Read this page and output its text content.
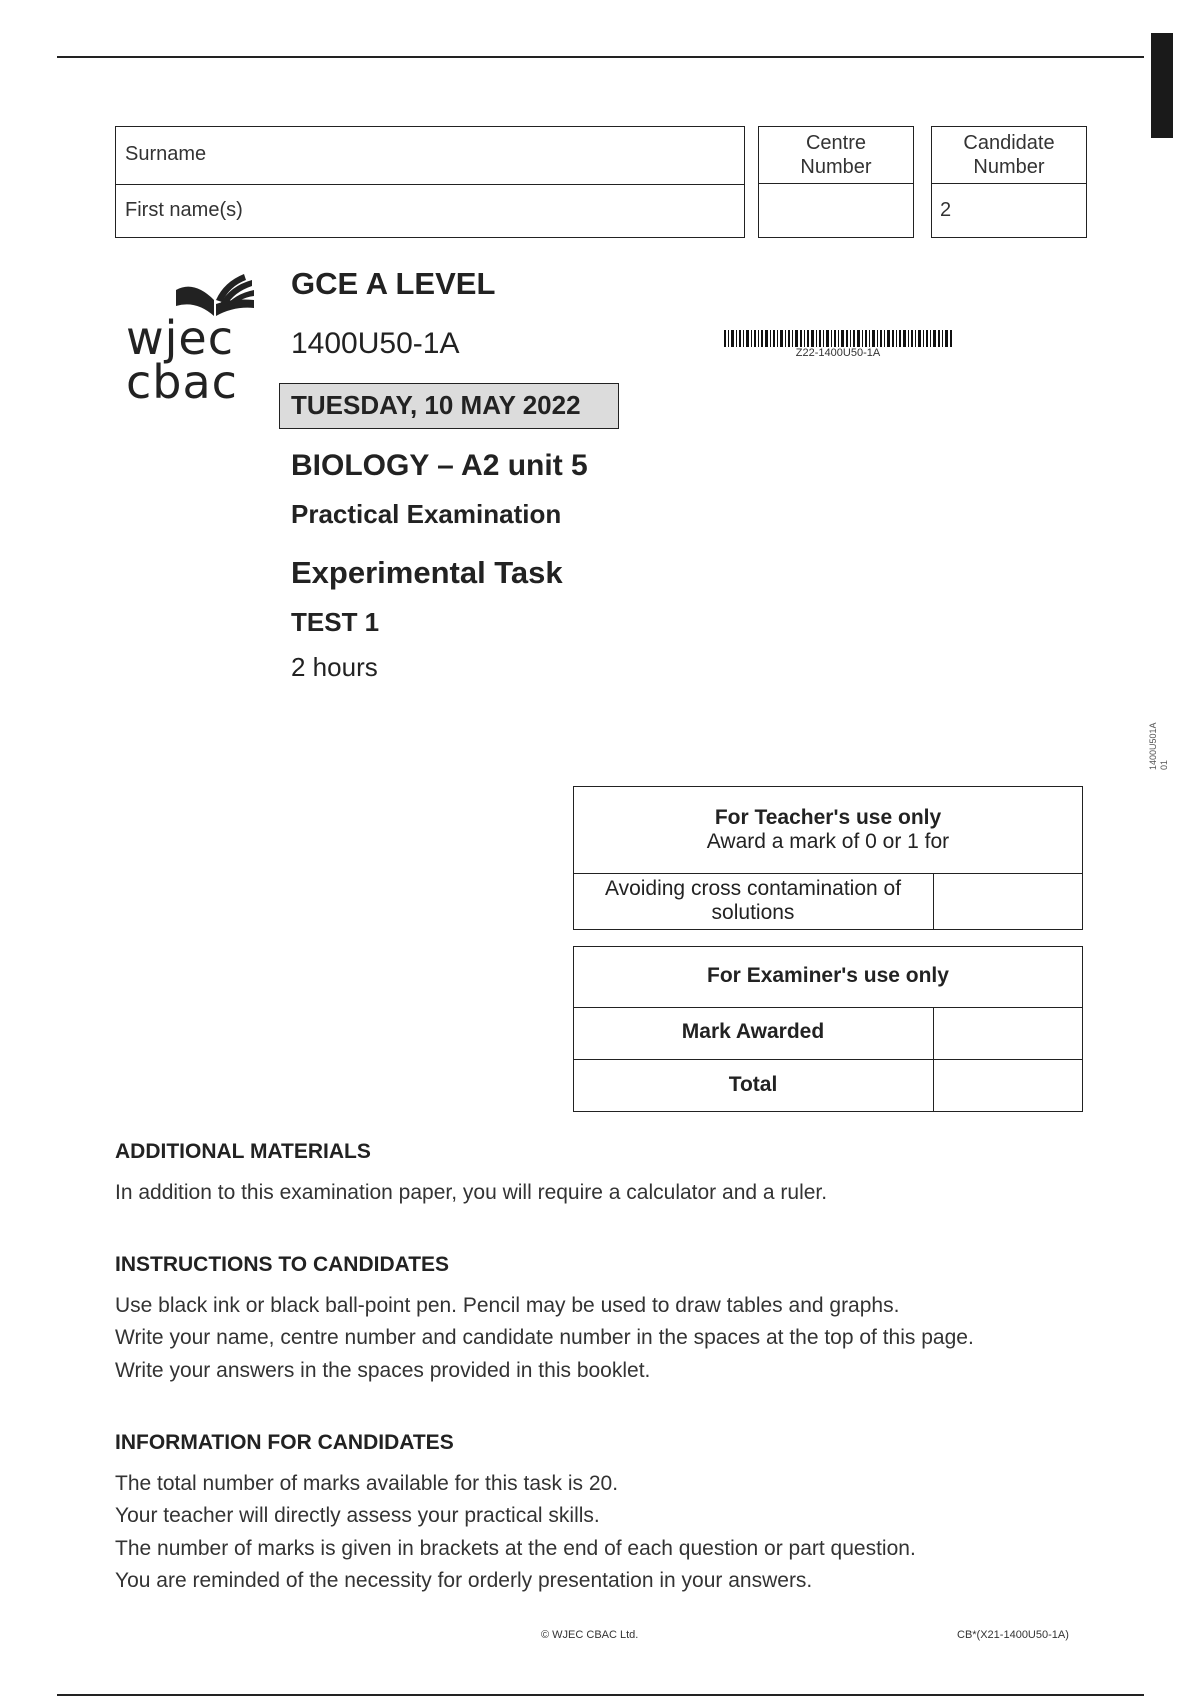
Surname
First name(s)
Centre
Number
Candidate
Number
2
wjec
cbac
GCE A LEVEL
1400U50-1A
TUESDAY, 10 MAY 2022
BIOLOGY – A2 unit 5
Practical Examination
Experimental Task
TEST 1
2 hours
Z22-1400U50-1A
1400U501A 01
For Teacher's use only
Award a mark of 0 or 1 for
Avoiding cross contamination of
solutions
For Examiner's use only
Mark Awarded
Total
ADDITIONAL MATERIALS
In addition to this examination paper, you will require a calculator and a ruler.
INSTRUCTIONS TO CANDIDATES
Use black ink or black ball-point pen. Pencil may be used to draw tables and graphs.
Write your name, centre number and candidate number in the spaces at the top of this page.
Write your answers in the spaces provided in this booklet.
INFORMATION FOR CANDIDATES
The total number of marks available for this task is 20.
Your teacher will directly assess your practical skills.
The number of marks is given in brackets at the end of each question or part question.
You are reminded of the necessity for orderly presentation in your answers.
© WJEC CBAC Ltd.	CB*(X21-1400U50-1A)
